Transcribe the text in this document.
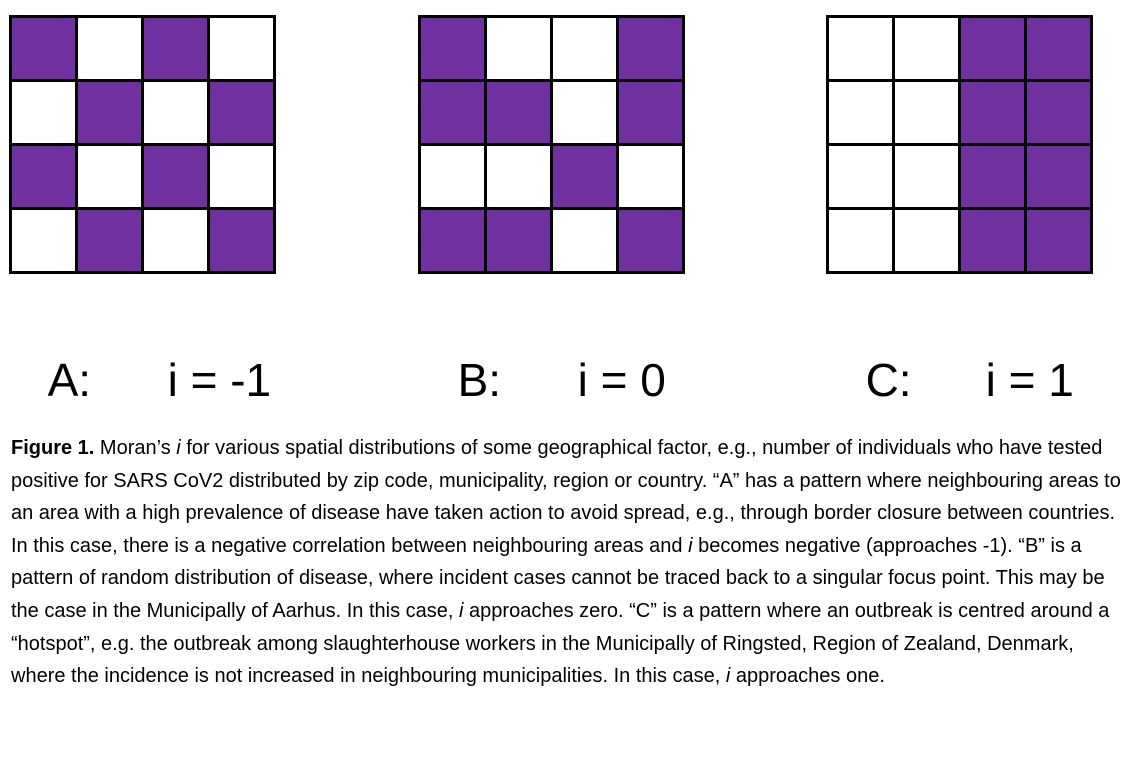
A: i = -1	B: i = 0	C: i = 1

Figure 1. Moran’s i for various spatial distributions of some geographical factor, e.g., number of individuals who have tested positive for SARS CoV2 distributed by zip code, municipality, region or country. “A” has a pattern where neighbouring areas to an area with a high prevalence of disease have taken action to avoid spread, e.g., through border closure between countries. In this case, there is a negative correlation between neighbouring areas and i becomes negative (approaches -1). “B” is a pattern of random distribution of disease, where incident cases cannot be traced back to a singular focus point. This may be the case in the Municipally of Aarhus. In this case, i approaches zero. “C” is a pattern where an outbreak is centred around a “hotspot”, e.g. the outbreak among slaughterhouse workers in the Municipally of Ringsted, Region of Zealand, Denmark, where the incidence is not increased in neighbouring municipalities. In this case, i approaches one.
